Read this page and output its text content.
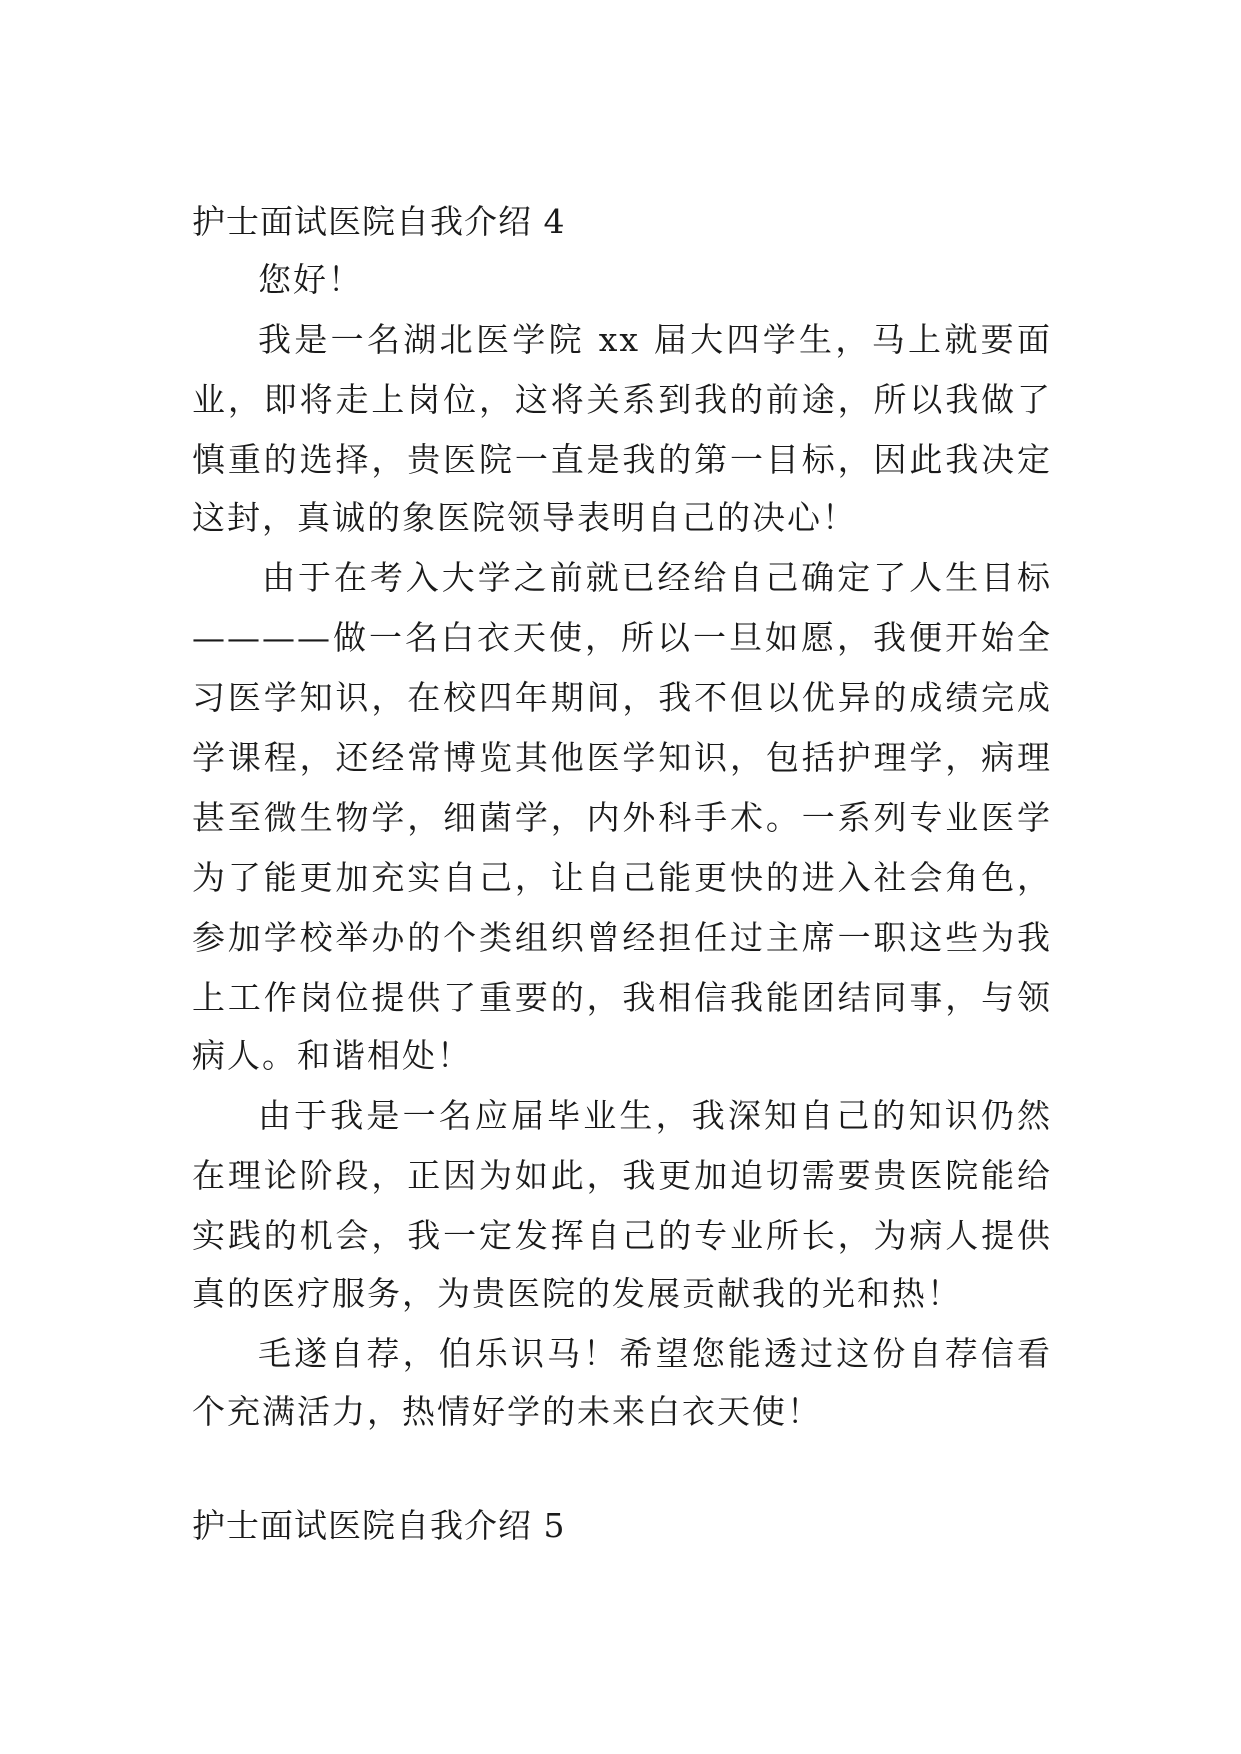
护士面试医院自我介绍 4
您好！
我是一名湖北医学院 xx 届大四学生，马上就要面
业，即将走上岗位，这将关系到我的前途，所以我做了
慎重的选择，贵医院一直是我的第一目标，因此我决定
这封，真诚的象医院领导表明自己的决心！
由于在考入大学之前就已经给自己确定了人生目标
————做一名白衣天使，所以一旦如愿，我便开始全
习医学知识，在校四年期间，我不但以优异的成绩完成
学课程，还经常博览其他医学知识，包括护理学，病理
甚至微生物学，细菌学，内外科手术。一系列专业医学
为了能更加充实自己，让自己能更快的进入社会角色，
参加学校举办的个类组织曾经担任过主席一职这些为我
上工作岗位提供了重要的，我相信我能团结同事，与领
病人。和谐相处！
由于我是一名应届毕业生，我深知自己的知识仍然
在理论阶段，正因为如此，我更加迫切需要贵医院能给
实践的机会，我一定发挥自己的专业所长，为病人提供
真的医疗服务，为贵医院的发展贡献我的光和热！
毛遂自荐，伯乐识马！希望您能透过这份自荐信看
个充满活力，热情好学的未来白衣天使！
护士面试医院自我介绍 5
